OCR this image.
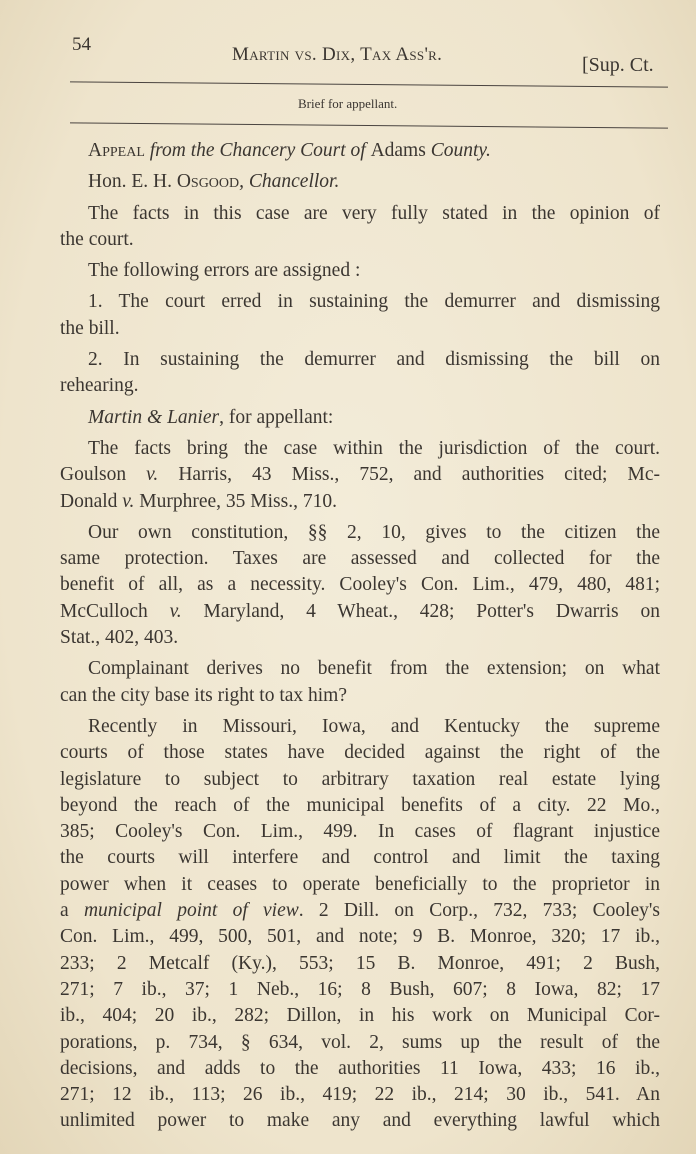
54	Martin vs. Dix, Tax Ass'r.	[Sup. Ct.
Brief for appellant.
Appeal from the Chancery Court of Adams County.
Hon. E. H. Osgood, Chancellor.
The facts in this case are very fully stated in the opinion of
the court.
The following errors are assigned :
1. The court erred in sustaining the demurrer and dismissing
the bill.
2. In sustaining the demurrer and dismissing the bill on
rehearing.
Martin & Lanier, for appellant:
The facts bring the case within the jurisdiction of the court.
Goulson v. Harris, 43 Miss., 752, and authorities cited; Mc-
Donald v. Murphree, 35 Miss., 710.
Our own constitution, §§ 2, 10, gives to the citizen the
same protection. Taxes are assessed and collected for the
benefit of all, as a necessity. Cooley's Con. Lim., 479, 480, 481;
McCulloch v. Maryland, 4 Wheat., 428; Potter's Dwarris on
Stat., 402, 403.
Complainant derives no benefit from the extension; on what
can the city base its right to tax him?
Recently in Missouri, Iowa, and Kentucky the supreme
courts of those states have decided against the right of the
legislature to subject to arbitrary taxation real estate lying
beyond the reach of the municipal benefits of a city. 22 Mo.,
385; Cooley's Con. Lim., 499. In cases of flagrant injustice
the courts will interfere and control and limit the taxing
power when it ceases to operate beneficially to the proprietor in
a municipal point of view. 2 Dill. on Corp., 732, 733; Cooley's
Con. Lim., 499, 500, 501, and note; 9 B. Monroe, 320; 17 ib.,
233; 2 Metcalf (Ky.), 553; 15 B. Monroe, 491; 2 Bush,
271; 7 ib., 37; 1 Neb., 16; 8 Bush, 607; 8 Iowa, 82; 17
ib., 404; 20 ib., 282; Dillon, in his work on Municipal Cor-
porations, p. 734, § 634, vol. 2, sums up the result of the
decisions, and adds to the authorities 11 Iowa, 433; 16 ib.,
271; 12 ib., 113; 26 ib., 419; 22 ib., 214; 30 ib., 541. An
unlimited power to make any and everything lawful which
